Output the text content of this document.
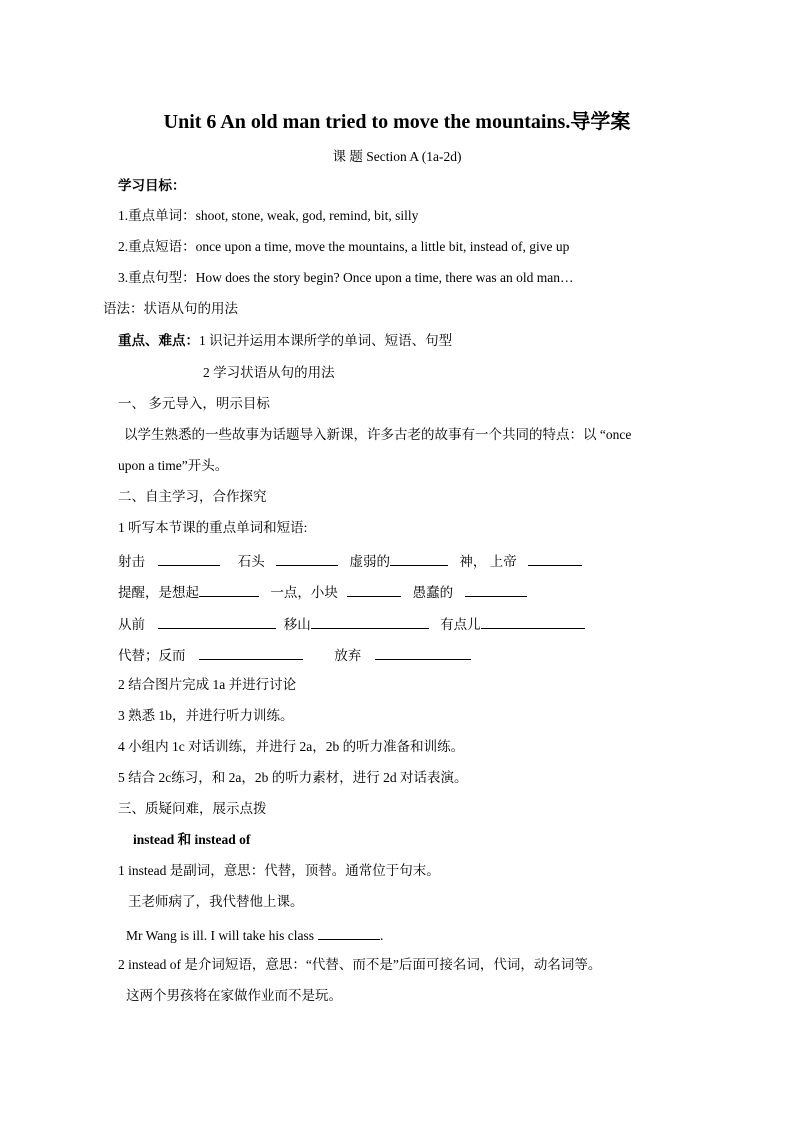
Unit 6 An old man tried to move the mountains.导学案
课 题 Section A (1a-2d)
学习目标：
1.重点单词：shoot, stone, weak, god, remind, bit, silly
2.重点短语：once upon a time, move the mountains, a little bit, instead of, give up
3.重点句型：How does the story begin? Once upon a time, there was an old man…
语法：状语从句的用法
重点、难点：1 识记并运用本课所学的单词、短语、句型
2 学习状语从句的用法
一、 多元导入，明示目标
以学生熟悉的一些故事为话题导入新课，许多古老的故事有一个共同的特点：以 “once
upon a time”开头。
二、自主学习，合作探究
1 听写本节课的重点单词和短语:
射击	石头	虚弱的	神， 上帝
提醒，是想起	一点，小块	愚蠢的
从前	移山	有点儿
代替；反而	放弃
2 结合图片完成 1a 并进行讨论
3 熟悉 1b，并进行听力训练。
4 小组内 1c 对话训练，并进行 2a，2b 的听力准备和训练。
5 结合 2c练习，和 2a，2b 的听力素材，进行 2d 对话表演。
三、质疑问难，展示点拨
instead 和 instead of
1 instead 是副词，意思：代替，顶替。通常位于句末。
王老师病了，我代替他上课。
Mr Wang is ill. I will take his class	.
2 instead of 是介词短语，意思：“代替、而不是”后面可接名词，代词，动名词等。
这两个男孩将在家做作业而不是玩。
